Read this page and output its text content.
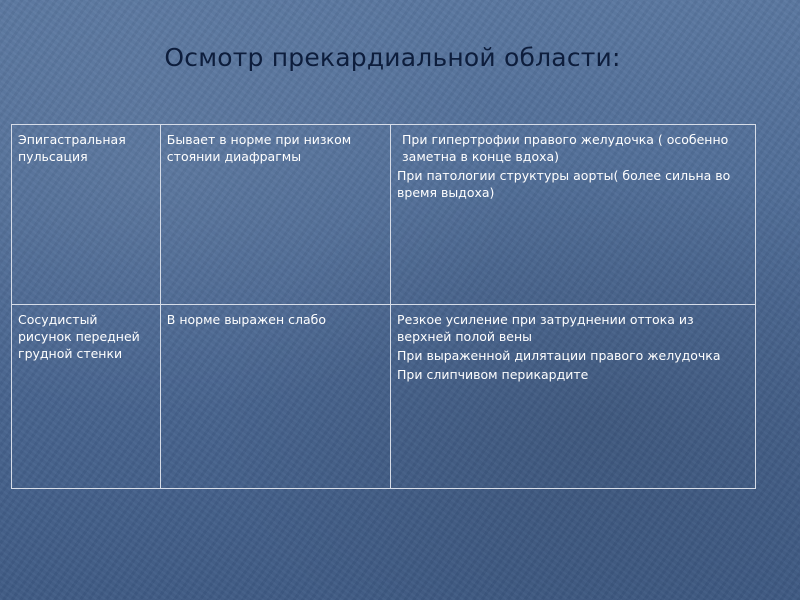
Осмотр прекардиальной области:
Эпигастральная пульсация	Бывает в норме при низком стоянии диафрагмы	При гипертрофии правого желудочка ( особенно заметна в конце вдоха)
При патологии структуры аорты( более сильна во время выдоха)

Сосудистый рисунок передней грудной стенки	В норме выражен слабо	Резкое усиление при затруднении оттока из верхней полой вены
При выраженной дилятации правого желудочка
При слипчивом перикардите
